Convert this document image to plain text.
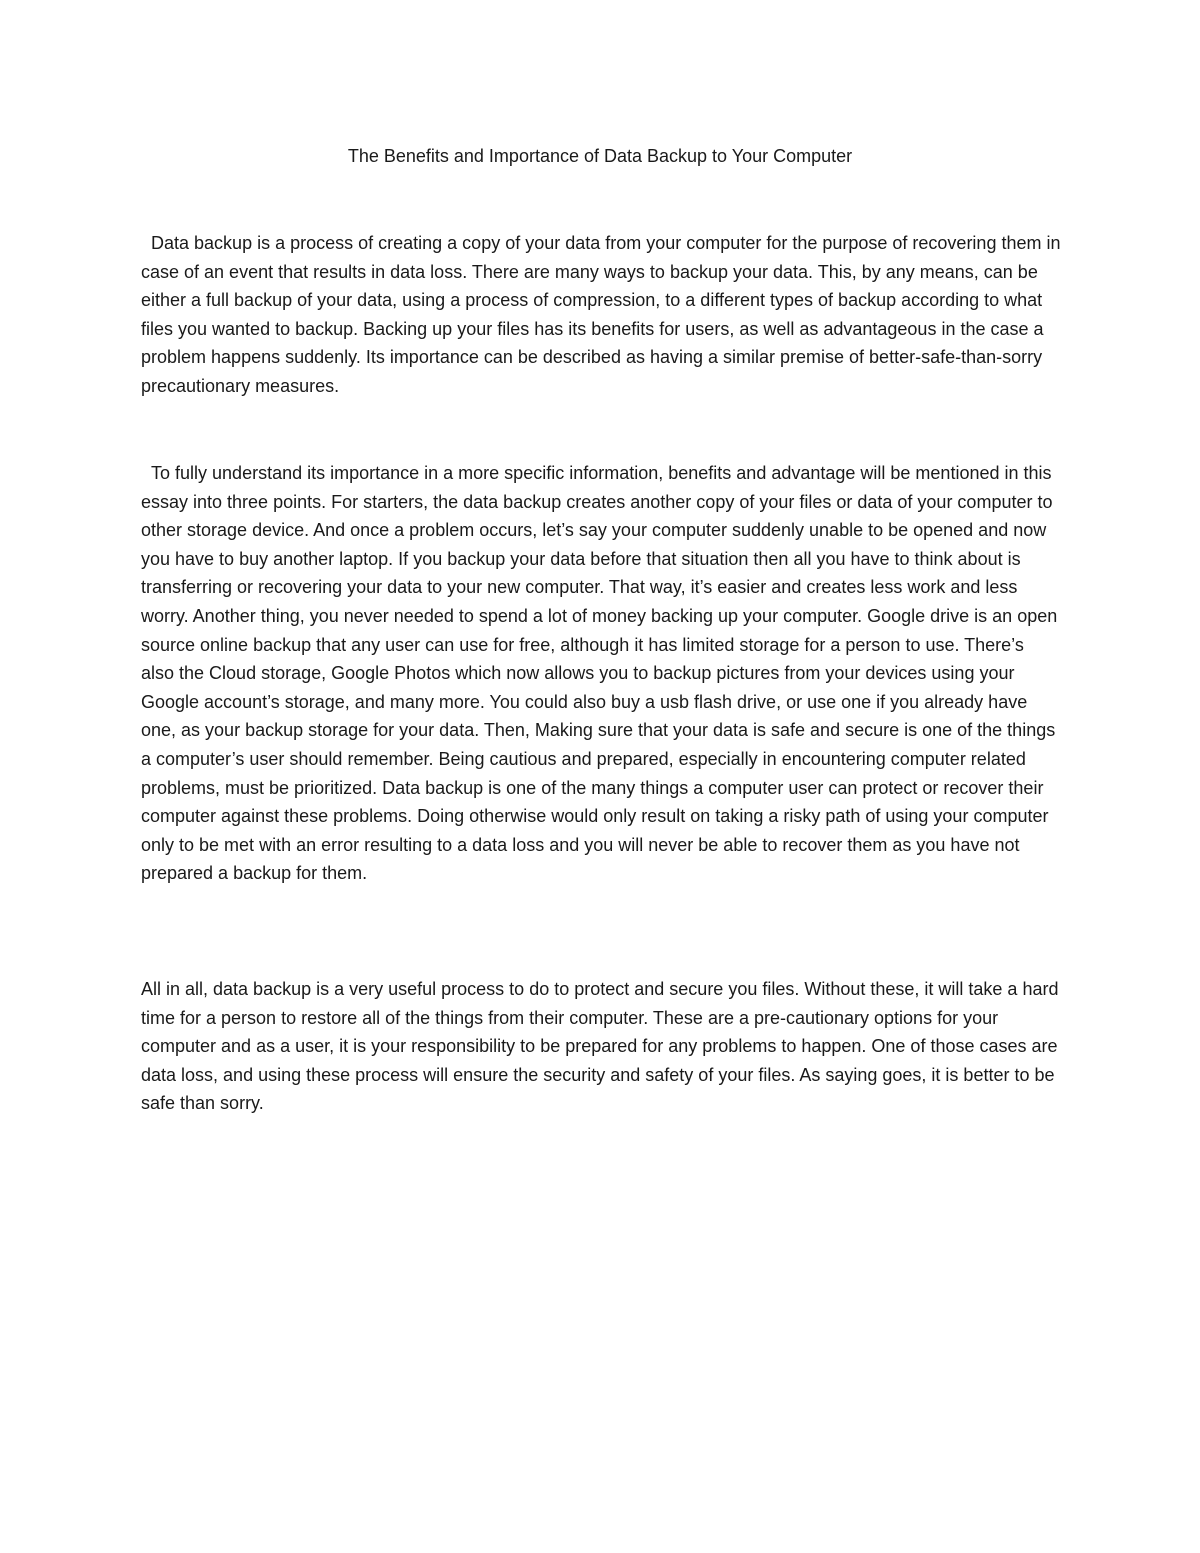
The Benefits and Importance of Data Backup to Your Computer

Data backup is a process of creating a copy of your data from your computer for the purpose of recovering them in case of an event that results in data loss. There are many ways to backup your data. This, by any means, can be either a full backup of your data, using a process of compression, to a different types of backup according to what files you wanted to backup. Backing up your files has its benefits for users, as well as advantageous in the case a problem happens suddenly. Its importance can be described as having a similar premise of better-safe-than-sorry precautionary measures.

To fully understand its importance in a more specific information, benefits and advantage will be mentioned in this essay into three points. For starters, the data backup creates another copy of your files or data of your computer to other storage device. And once a problem occurs, let’s say your computer suddenly unable to be opened and now you have to buy another laptop. If you backup your data before that situation then all you have to think about is transferring or recovering your data to your new computer. That way, it’s easier and creates less work and less worry. Another thing, you never needed to spend a lot of money backing up your computer. Google drive is an open source online backup that any user can use for free, although it has limited storage for a person to use. There’s also the Cloud storage, Google Photos which now allows you to backup pictures from your devices using your Google account’s storage, and many more. You could also buy a usb flash drive, or use one if you already have one, as your backup storage for your data. Then, Making sure that your data is safe and secure is one of the things a computer’s user should remember. Being cautious and prepared, especially in encountering computer related problems, must be prioritized. Data backup is one of the many things a computer user can protect or recover their computer against these problems. Doing otherwise would only result on taking a risky path of using your computer only to be met with an error resulting to a data loss and you will never be able to recover them as you have not prepared a backup for them.

All in all, data backup is a very useful process to do to protect and secure you files. Without these, it will take a hard time for a person to restore all of the things from their computer. These are a pre-cautionary options for your computer and as a user, it is your responsibility to be prepared for any problems to happen. One of those cases are data loss, and using these process will ensure the security and safety of your files. As saying goes, it is better to be safe than sorry.
